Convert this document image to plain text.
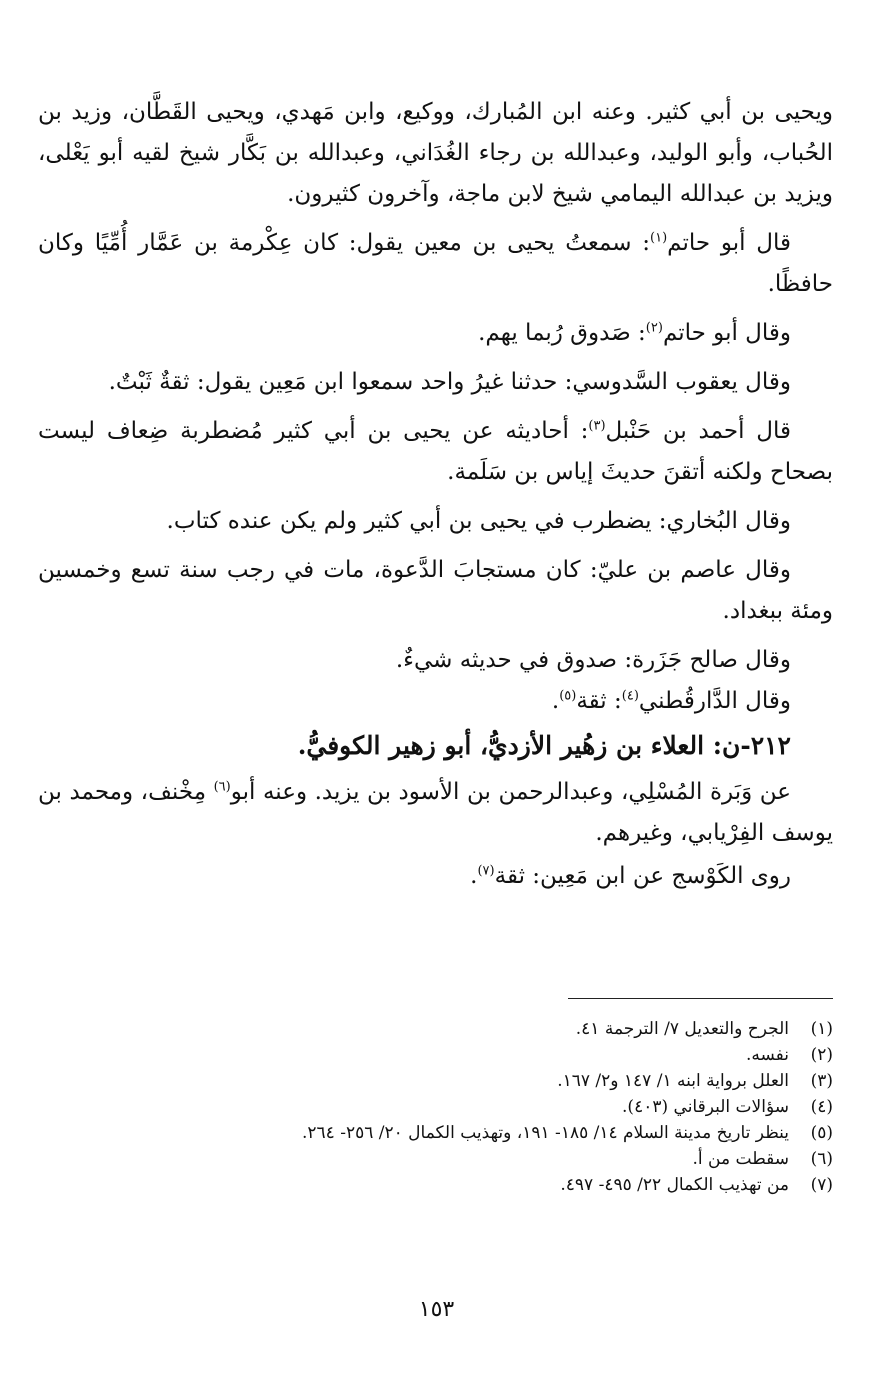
ويحيى بن أبي كثير. وعنه ابن المُبارك، ووكيع، وابن مَهدي، ويحيى القَطَّان، وزيد بن الحُباب، وأبو الوليد، وعبدالله بن رجاء الغُدَاني، وعبدالله بن بَكَّار شيخ لقيه أبو يَعْلى، ويزيد بن عبدالله اليمامي شيخ لابن ماجة، وآخرون كثيرون.

قال أبو حاتم$^{(١)}$: سمعتُ يحيى بن معين يقول: كان عِكْرمة بن عَمَّار أُمِّيًا وكان حافظًا.

وقال أبو حاتم$^{(٢)}$: صَدوق رُبما يهم.

وقال يعقوب السَّدوسي: حدثنا غيرُ واحد سمعوا ابن مَعِين يقول: ثقةٌ ثَبْتٌ.

قال أحمد بن حَنْبل$^{(٣)}$: أحاديثه عن يحيى بن أبي كثير مُضطربة ضِعاف ليست بصحاح ولكنه أتقنَ حديثَ إياس بن سَلَمة.

وقال البُخاري: يضطرب في يحيى بن أبي كثير ولم يكن عنده كتاب.

وقال عاصم بن عليّ: كان مستجابَ الدَّعوة، مات في رجب سنة تسع وخمسين ومئة ببغداد.

وقال صالح جَزَرة: صدوق في حديثه شيءٌ.

وقال الدَّارقُطني$^{(٤)}$: ثقة$^{(٥)}$.

٢١٢-ن: العلاء بن زهُير الأزديُّ، أبو زهير الكوفيُّ.

عن وَبَرة المُسْلِي، وعبدالرحمن بن الأسود بن يزيد. وعنه أبو$^{(٦)}$ مِخْنف، ومحمد بن يوسف الفِرْيابي، وغيرهم.

روى الكَوْسج عن ابن مَعِين: ثقة$^{(٧)}$.

(١)
الجرح والتعديل ٧/ الترجمة ٤١.
(٢)
نفسه.
(٣)
العلل برواية ابنه ١/ ١٤٧ و٢/ ١٦٧.
(٤)
سؤالات البرقاني (٤٠٣).
(٥)
ينظر تاريخ مدينة السلام ١٤/ ١٨٥- ١٩١، وتهذيب الكمال ٢٠/ ٢٥٦- ٢٦٤.
(٦)
سقطت من أ.
(٧)
من تهذيب الكمال ٢٢/ ٤٩٥- ٤٩٧.
١٥٣
